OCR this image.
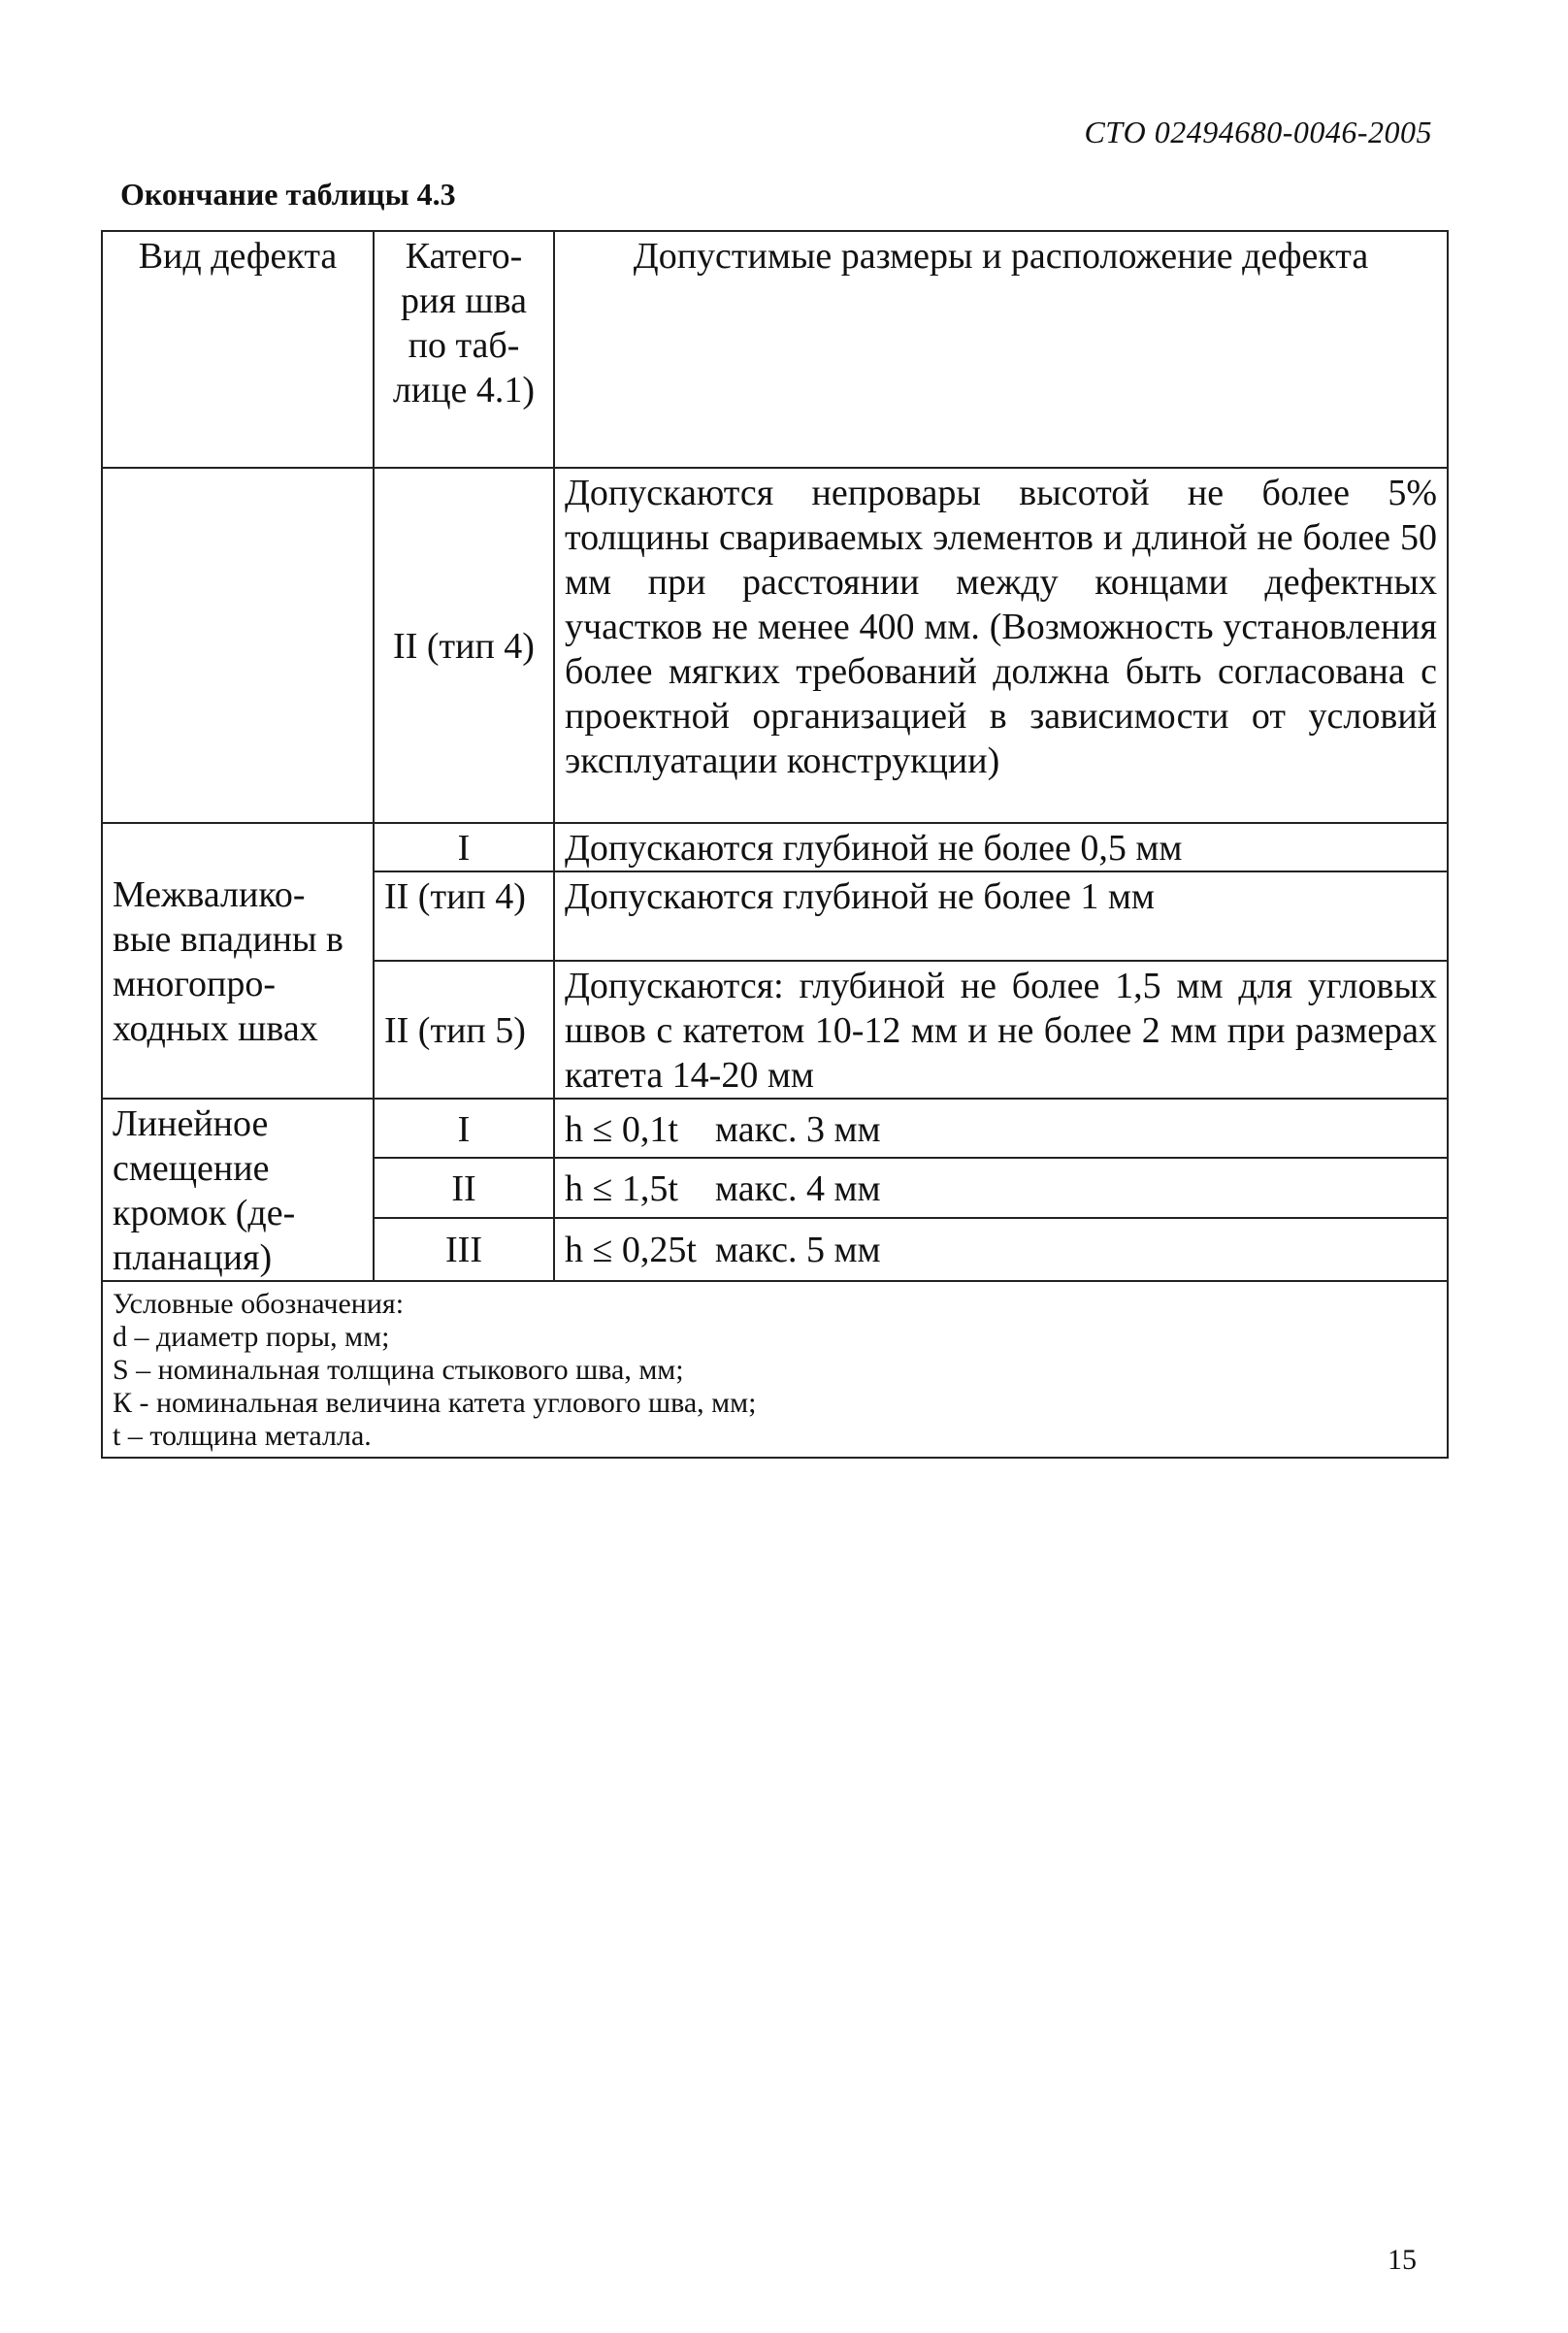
СТО 02494680-0046-2005
Окончание таблицы 4.3
Вид дефекта	Катего-рия шва по таб-лице 4.1)	Допустимые размеры и расположение дефекта
	II (тип 4)	Допускаются непровары высотой не более 5% толщины свариваемых элементов и длиной не более 50 мм при расстоянии между концами дефектных участков не менее 400 мм. (Возможность установления более мягких требований должна быть согласована с проектной организацией в зависимости от условий эксплуатации конструкции)
Межвалико-вые впадины в многопро-ходных швах	I	Допускаются глубиной не более 0,5 мм
	II (тип 4)	Допускаются глубиной не более 1 мм
	II (тип 5)	Допускаются: глубиной не более 1,5 мм для угловых швов с катетом 10-12 мм и не более 2 мм при размерах катета 14-20 мм
Линейное смещение кромок (де-планация)	I	h ≤ 0,1t макс. 3 мм
	II	h ≤ 1,5t макс. 4 мм
	III	h ≤ 0,25t макс. 5 мм

Условные обозначения:
d – диаметр поры, мм;
S – номинальная толщина стыкового шва, мм;
К - номинальная величина катета углового шва, мм;
t – толщина металла.		
15
